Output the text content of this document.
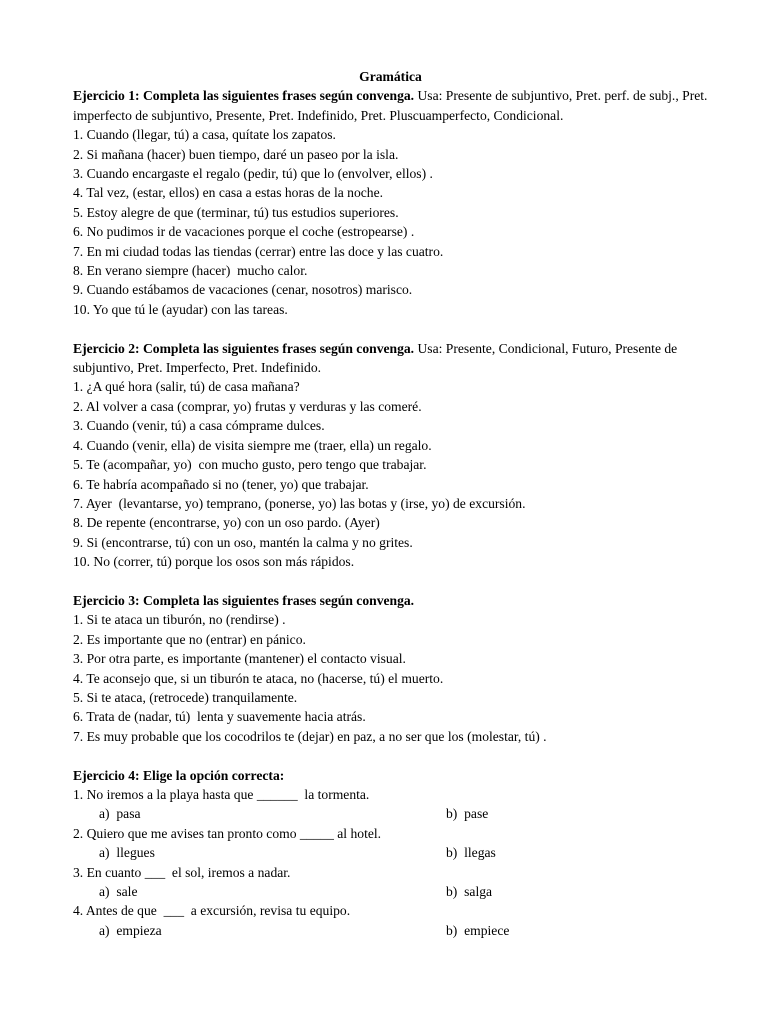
Gramática

Ejercicio 1: Completa las siguientes frases según convenga. Usa: Presente de subjuntivo, Pret. perf. de subj., Pret. imperfecto de subjuntivo, Presente, Pret. Indefinido, Pret. Pluscuamperfecto, Condicional.

1. Cuando (llegar, tú) a casa, quítate los zapatos.

2. Si mañana (hacer) buen tiempo, daré un paseo por la isla.

3. Cuando encargaste el regalo (pedir, tú) que lo (envolver, ellos) .

4. Tal vez, (estar, ellos) en casa a estas horas de la noche.

5. Estoy alegre de que (terminar, tú) tus estudios superiores.

6. No pudimos ir de vacaciones porque el coche (estropearse) .

7. En mi ciudad todas las tiendas (cerrar) entre las doce y las cuatro.

8. En verano siempre (hacer)  mucho calor.

9. Cuando estábamos de vacaciones (cenar, nosotros) marisco.

10. Yo que tú le (ayudar) con las tareas.

Ejercicio 2: Completa las siguientes frases según convenga. Usa: Presente, Condicional, Futuro, Presente de subjuntivo, Pret. Imperfecto, Pret. Indefinido.

1. ¿A qué hora (salir, tú) de casa mañana?

2. Al volver a casa (comprar, yo) frutas y verduras y las comeré.

3. Cuando (venir, tú) a casa cómprame dulces.

4. Cuando (venir, ella) de visita siempre me (traer, ella) un regalo.

5. Te (acompañar, yo)  con mucho gusto, pero tengo que trabajar.

6. Te habría acompañado si no (tener, yo) que trabajar.

7. Ayer  (levantarse, yo) temprano, (ponerse, yo) las botas y (irse, yo) de excursión.

8. De repente (encontrarse, yo) con un oso pardo. (Ayer)

9. Si (encontrarse, tú) con un oso, mantén la calma y no grites.

10. No (correr, tú) porque los osos son más rápidos.

Ejercicio 3: Completa las siguientes frases según convenga.

1. Si te ataca un tiburón, no (rendirse) .

2. Es importante que no (entrar) en pánico.

3. Por otra parte, es importante (mantener) el contacto visual.

4. Te aconsejo que, si un tiburón te ataca, no (hacerse, tú) el muerto.

5. Si te ataca, (retrocede) tranquilamente.

6. Trata de (nadar, tú)  lenta y suavemente hacia atrás.

7. Es muy probable que los cocodrilos te (dejar) en paz, a no ser que los (molestar, tú) .

Ejercicio 4: Elige la opción correcta:

1. No iremos a la playa hasta que ______  la tormenta.

a)  pasa	b)  pase

2. Quiero que me avises tan pronto como _____ al hotel.

a)  llegues	b)  llegas

3. En cuanto ___  el sol, iremos a nadar.

a)  sale	b)  salga

4. Antes de que  ___  a excursión, revisa tu equipo.

a)  empieza	b)  empiece
